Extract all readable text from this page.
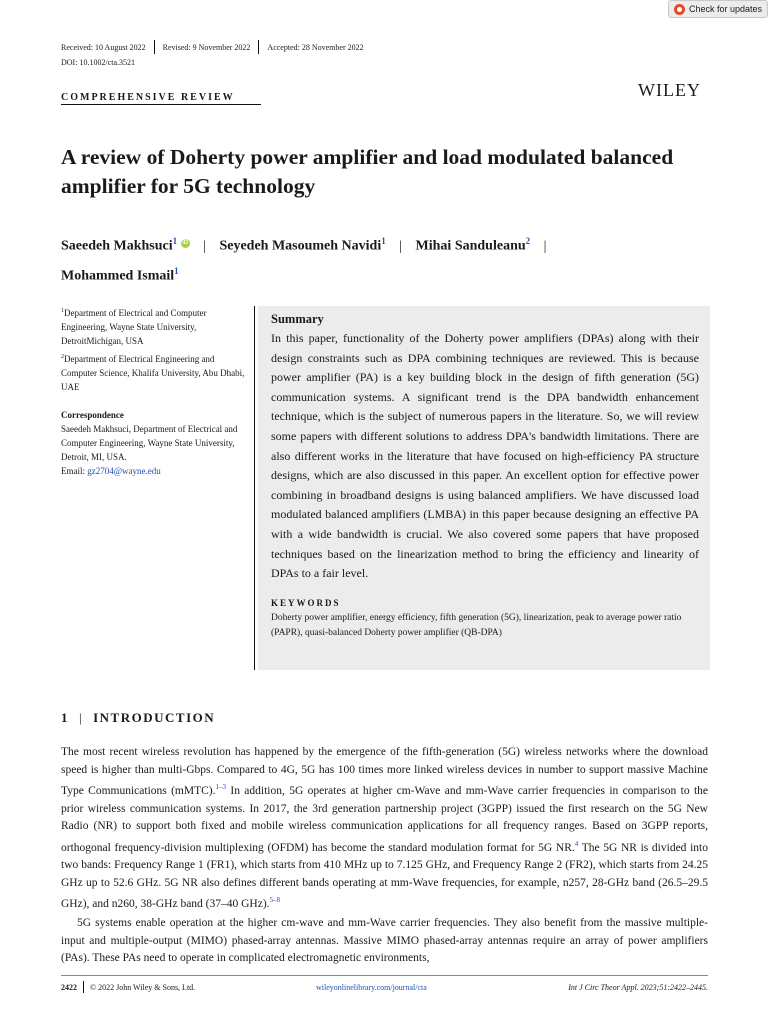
Check for updates
Received: 10 August 2022 Revised: 9 November 2022 Accepted: 28 November 2022
DOI: 10.1002/cta.3521
COMPREHENSIVE REVIEW	WILEY
A review of Doherty power amplifier and load modulated balanced amplifier for 5G technology
Saeedeh Makhsuci$^1$ iD | Seyedeh Masoumeh Navidi$^1$ | Mihai Sanduleanu$^2$ |
Mohammed Ismail$^1$
$^1$Department of Electrical and Computer Engineering, Wayne State University, DetroitMichigan, USA
$^2$Department of Electrical Engineering and Computer Science, Khalifa University, Abu Dhabi, UAE
Correspondence
Saeedeh Makhsuci, Department of Electrical and Computer Engineering, Wayne State University, Detroit, MI, USA.
Email: gz2704@wayne.edu
Summary
In this paper, functionality of the Doherty power amplifiers (DPAs) along with their design constraints such as DPA combining techniques are reviewed. This is because power amplifier (PA) is a key building block in the design of fifth generation (5G) communication systems. A significant trend is the DPA bandwidth enhancement technique, which is the subject of numerous papers in the literature. So, we will review some papers with different solutions to address DPA's bandwidth limitations. There are also different works in the literature that have focused on high-efficiency PA structure designs, which are also discussed in this paper. An excellent option for effective power combining in broadband designs is using balanced amplifiers. We have discussed load modulated balanced amplifiers (LMBA) in this paper because designing an effective PA with a wide bandwidth is crucial. We also covered some papers that have proposed techniques based on the linearization method to bring the efficiency and linearity of DPAs to a fair level.
KEYWORDS
Doherty power amplifier, energy efficiency, fifth generation (5G), linearization, peak to average power ratio (PAPR), quasi-balanced Doherty power amplifier (QB-DPA)
1 | INTRODUCTION
The most recent wireless revolution has happened by the emergence of the fifth-generation (5G) wireless networks where the download speed is higher than multi-Gbps. Compared to 4G, 5G has 100 times more linked wireless devices in number to support massive Machine Type Communications (mMTC).$^{1-3}$ In addition, 5G operates at higher cm-Wave and mm-Wave carrier frequencies in comparison to the prior wireless communication systems. In 2017, the 3rd generation partnership project (3GPP) issued the first research on the 5G New Radio (NR) to support both fixed and mobile wireless communication applications for all frequency ranges. Based on 3GPP reports, orthogonal frequency-division multiplexing (OFDM) has become the standard modulation format for 5G NR.$^4$ The 5G NR is divided into two bands: Frequency Range 1 (FR1), which starts from 410 MHz up to 7.125 GHz, and Frequency Range 2 (FR2), which starts from 24.25 GHz up to 52.6 GHz. 5G NR also defines different bands operating at mm-Wave frequencies, for example, n257, 28-GHz band (26.5–29.5 GHz), and n260, 38-GHz band (37–40 GHz).$^{5-8}$
5G systems enable operation at the higher cm-wave and mm-Wave carrier frequencies. They also benefit from the massive multiple-input and multiple-output (MIMO) phased-array antennas. Massive MIMO phased-array antennas require an array of power amplifiers (PAs). These PAs need to operate in complicated electromagnetic environments,
2422 © 2022 John Wiley & Sons, Ltd.	wileyonlinelibrary.com/journal/cta	Int J Circ Theor Appl. 2023;51:2422–2445.
